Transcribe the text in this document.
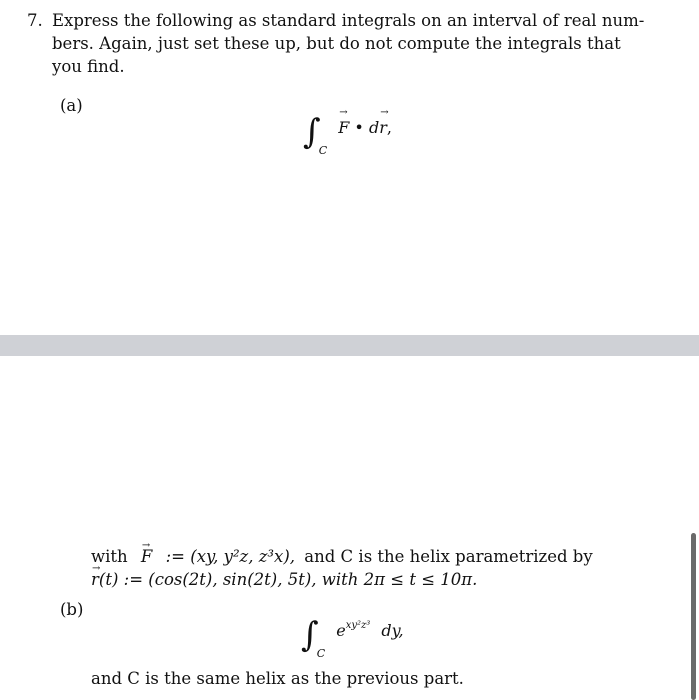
7. Express the following as standard integrals on an interval of real num-

bers. Again, just set these up, but do not compute the integrals that

you find.

(a)
$\int_C \to F$ • d→ r,

with → F := (xy, y²z, z³x), and C is the helix parametrized by

→ r(t) := (cos(2t), sin(2t), 5t), with 2π ≤ t ≤ 10π.

(b)
$\int_C$ $e^{xy^2z^3}$ dy,

and C is the same helix as the previous part.
